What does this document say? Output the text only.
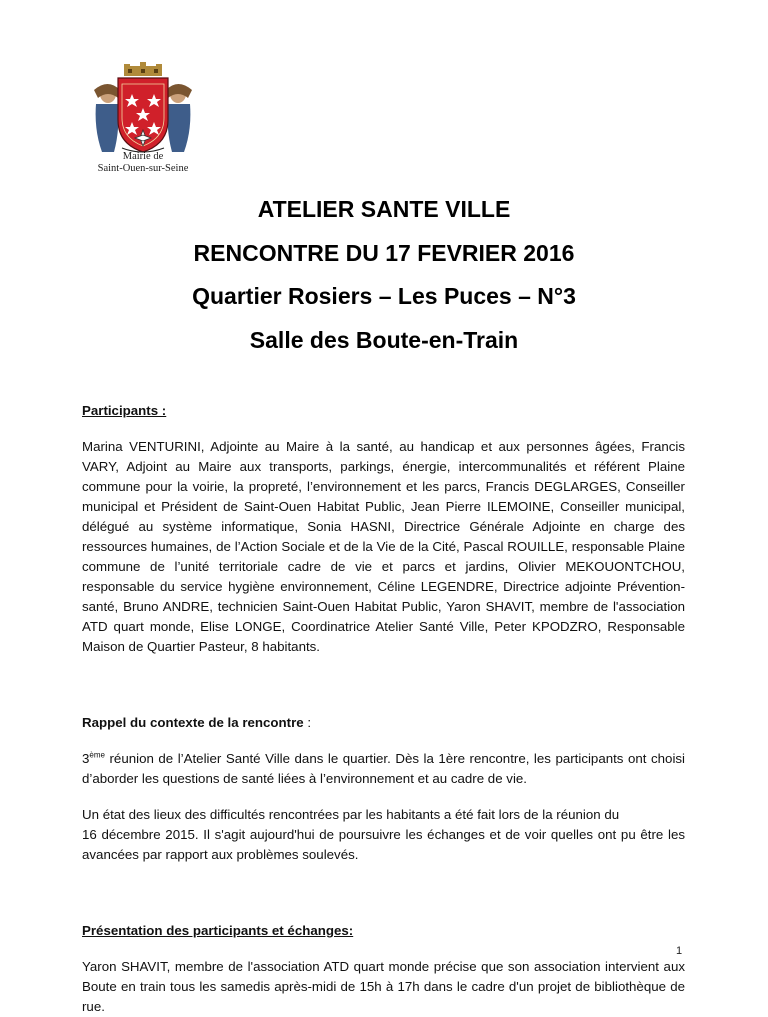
Mairie de
Saint-Ouen-sur-Seine
ATELIER SANTE VILLE
RENCONTRE DU 17 FEVRIER 2016
Quartier Rosiers – Les Puces – N°3
Salle des Boute-en-Train

Participants :

Marina VENTURINI, Adjointe au Maire à la santé, au handicap et aux personnes âgées, Francis VARY, Adjoint au Maire aux transports, parkings, énergie, intercommunalités et référent Plaine commune pour la voirie, la propreté, l’environnement et les parcs, Francis DEGLARGES, Conseiller municipal et Président de Saint-Ouen Habitat Public, Jean Pierre ILEMOINE, Conseiller municipal, délégué au système informatique, Sonia HASNI, Directrice Générale Adjointe en charge des ressources humaines, de l’Action Sociale et de la Vie de la Cité, Pascal ROUILLE, responsable Plaine commune de l’unité territoriale cadre de vie et parcs et jardins, Olivier MEKOUONTCHOU, responsable du service hygiène environnement, Céline LEGENDRE, Directrice adjointe Prévention-santé, Bruno ANDRE, technicien Saint-Ouen Habitat Public, Yaron SHAVIT, membre de l'association ATD quart monde, Elise LONGE, Coordinatrice Atelier Santé Ville, Peter KPODZRO, Responsable Maison de Quartier Pasteur, 8 habitants.

Rappel du contexte de la rencontre :

3ème réunion de l’Atelier Santé Ville dans le quartier. Dès la 1ère rencontre, les participants ont choisi d’aborder les questions de santé liées à l’environnement et au cadre de vie.

Un état des lieux des difficultés rencontrées par les habitants a été fait lors de la réunion du
16 décembre 2015. Il s'agit aujourd'hui de poursuivre les échanges et de voir quelles ont pu être les avancées par rapport aux problèmes soulevés.

Présentation des participants et échanges:

Yaron SHAVIT, membre de l'association ATD quart monde précise que son association intervient aux Boute en train tous les samedis après-midi de 15h à 17h dans le cadre d'un projet de bibliothèque de rue.

1
